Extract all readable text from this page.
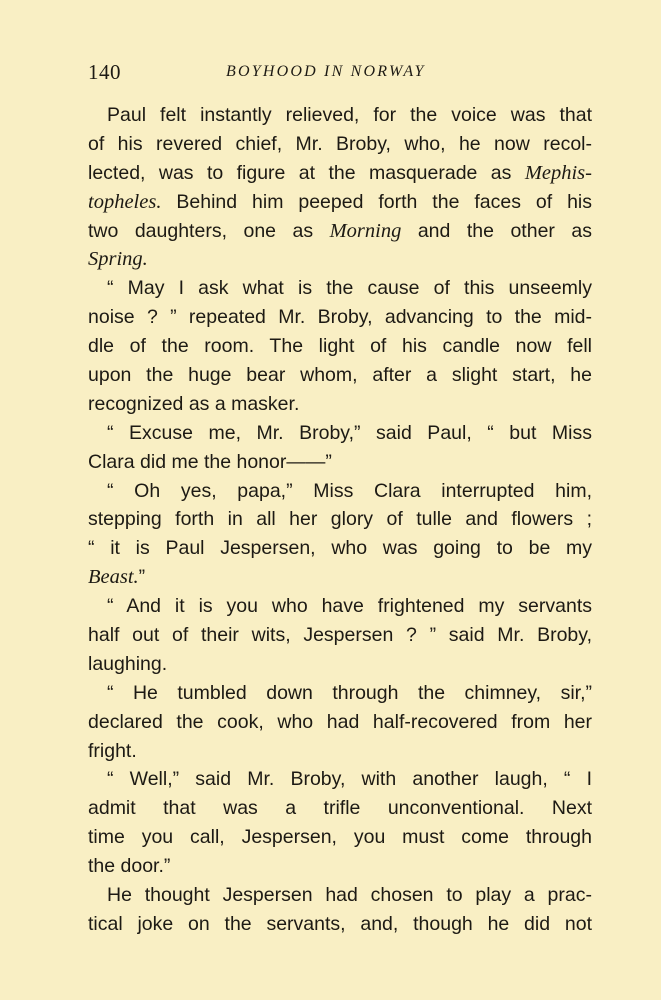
140	BOYHOOD IN NORWAY
Paul felt instantly relieved, for the voice was that
of his revered chief, Mr. Broby, who, he now recol-
lected, was to figure at the masquerade as Mephis-
topheles. Behind him peeped forth the faces of his
two daughters, one as Morning and the other as
Spring.
“ May I ask what is the cause of this unseemly
noise ? ” repeated Mr. Broby, advancing to the mid-
dle of the room. The light of his candle now fell
upon the huge bear whom, after a slight start, he
recognized as a masker.
“ Excuse me, Mr. Broby,” said Paul, “ but Miss
Clara did me the honor——”
“ Oh yes, papa,” Miss Clara interrupted him,
stepping forth in all her glory of tulle and flowers ;
“ it is Paul Jespersen, who was going to be my
Beast.”
“ And it is you who have frightened my servants
half out of their wits, Jespersen ? ” said Mr. Broby,
laughing.
“ He tumbled down through the chimney, sir,”
declared the cook, who had half-recovered from her
fright.
“ Well,” said Mr. Broby, with another laugh, “ I
admit that was a trifle unconventional. Next
time you call, Jespersen, you must come through
the door.”
He thought Jespersen had chosen to play a prac-
tical joke on the servants, and, though he did not
